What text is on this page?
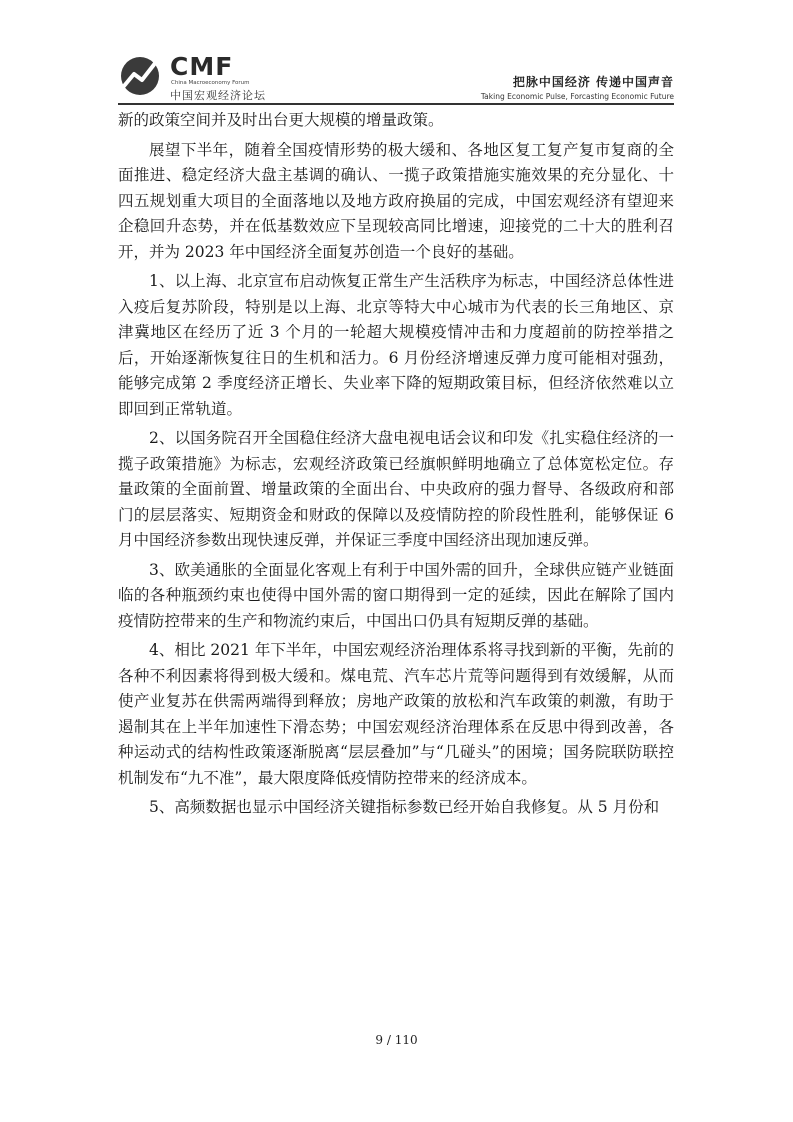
CMF
China Macroeconomy Forum
中国宏观经济论坛
把脉中国经济 传递中国声音
Taking Economic Pulse, Forcasting Economic Future

新的政策空间并及时出台更大规模的增量政策。

展望下半年，随着全国疫情形势的极大缓和、各地区复工复产复市复商的全面推进、稳定经济大盘主基调的确认、一揽子政策措施实施效果的充分显化、十四五规划重大项目的全面落地以及地方政府换届的完成，中国宏观经济有望迎来企稳回升态势，并在低基数效应下呈现较高同比增速，迎接党的二十大的胜利召开，并为 2023 年中国经济全面复苏创造一个良好的基础。

1、以上海、北京宣布启动恢复正常生产生活秩序为标志，中国经济总体性进入疫后复苏阶段，特别是以上海、北京等特大中心城市为代表的长三角地区、京津冀地区在经历了近 3 个月的一轮超大规模疫情冲击和力度超前的防控举措之后，开始逐渐恢复往日的生机和活力。6 月份经济增速反弹力度可能相对强劲，能够完成第 2 季度经济正增长、失业率下降的短期政策目标，但经济依然难以立即回到正常轨道。

2、以国务院召开全国稳住经济大盘电视电话会议和印发《扎实稳住经济的一揽子政策措施》为标志，宏观经济政策已经旗帜鲜明地确立了总体宽松定位。存量政策的全面前置、增量政策的全面出台、中央政府的强力督导、各级政府和部门的层层落实、短期资金和财政的保障以及疫情防控的阶段性胜利，能够保证 6 月中国经济参数出现快速反弹，并保证三季度中国经济出现加速反弹。

3、欧美通胀的全面显化客观上有利于中国外需的回升，全球供应链产业链面临的各种瓶颈约束也使得中国外需的窗口期得到一定的延续，因此在解除了国内疫情防控带来的生产和物流约束后，中国出口仍具有短期反弹的基础。

4、相比 2021 年下半年，中国宏观经济治理体系将寻找到新的平衡，先前的各种不利因素将得到极大缓和。煤电荒、汽车芯片荒等问题得到有效缓解，从而使产业复苏在供需两端得到释放；房地产政策的放松和汽车政策的刺激，有助于遏制其在上半年加速性下滑态势；中国宏观经济治理体系在反思中得到改善，各种运动式的结构性政策逐渐脱离“层层叠加”与“几碰头”的困境；国务院联防联控机制发布“九不准”，最大限度降低疫情防控带来的经济成本。

5、高频数据也显示中国经济关键指标参数已经开始自我修复。从 5 月份和

9 / 110
